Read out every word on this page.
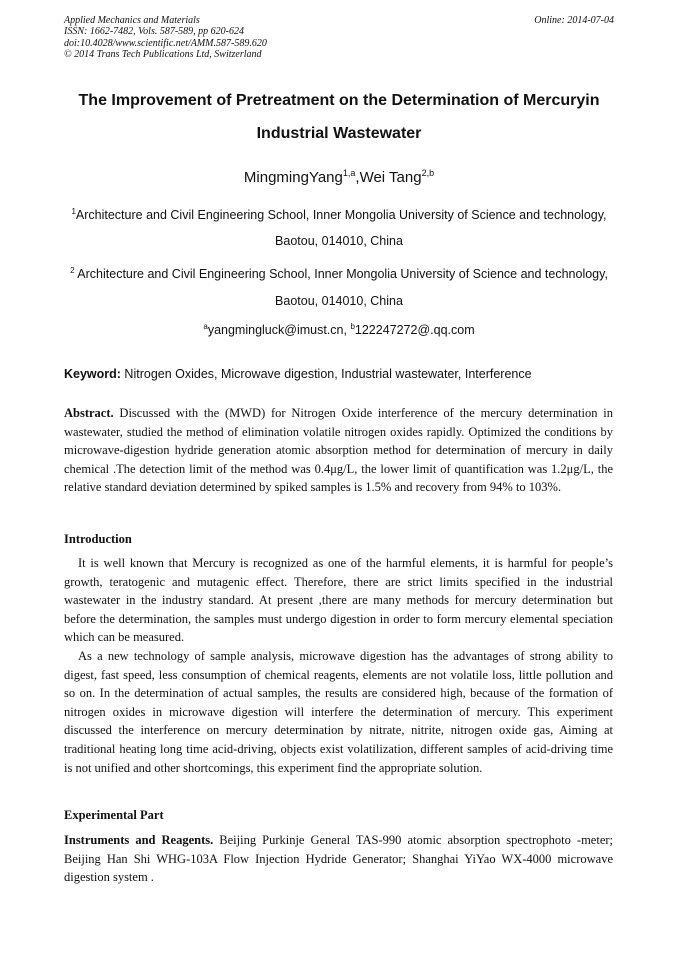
Applied Mechanics and Materials
ISSN: 1662-7482, Vols. 587-589, pp 620-624
doi:10.4028/www.scientific.net/AMM.587-589.620
© 2014 Trans Tech Publications Ltd, Switzerland
Online: 2014-07-04
The Improvement of Pretreatment on the Determination of Mercuryin
Industrial Wastewater
MingmingYang$^{1,a}$,Wei Tang$^{2,b}$
$^1$Architecture and Civil Engineering School, Inner Mongolia University of Science and technology,
Baotou, 014010, China
$^2$ Architecture and Civil Engineering School, Inner Mongolia University of Science and technology,
Baotou, 014010, China
$^a$yangmingluck@imust.cn, $^b$122247272@.qq.com
Keyword: Nitrogen Oxides, Microwave digestion, Industrial wastewater, Interference

Abstract. Discussed with the (MWD) for Nitrogen Oxide interference of the mercury determination in wastewater, studied the method of elimination volatile nitrogen oxides rapidly. Optimized the conditions by microwave-digestion hydride generation atomic absorption method for determination of mercury in daily chemical .The detection limit of the method was 0.4μg/L, the lower limit of quantification was 1.2μg/L, the relative standard deviation determined by spiked samples is 1.5% and recovery from 94% to 103%.

Introduction

It is well known that Mercury is recognized as one of the harmful elements, it is harmful for people’s growth, teratogenic and mutagenic effect. Therefore, there are strict limits specified in the industrial wastewater in the industry standard. At present ,there are many methods for mercury determination but before the determination, the samples must undergo digestion in order to form mercury elemental speciation which can be measured.

As a new technology of sample analysis, microwave digestion has the advantages of strong ability to digest, fast speed, less consumption of chemical reagents, elements are not volatile loss, little pollution and so on. In the determination of actual samples, the results are considered high, because of the formation of nitrogen oxides in microwave digestion will interfere the determination of mercury. This experiment discussed the interference on mercury determination by nitrate, nitrite, nitrogen oxide gas, Aiming at traditional heating long time acid-driving, objects exist volatilization, different samples of acid-driving time is not unified and other shortcomings, this experiment find the appropriate solution.

Experimental Part

Instruments and Reagents. Beijing Purkinje General TAS-990 atomic absorption spectrophoto -meter; Beijing Han Shi WHG-103A Flow Injection Hydride Generator; Shanghai YiYao WX-4000 microwave digestion system .
